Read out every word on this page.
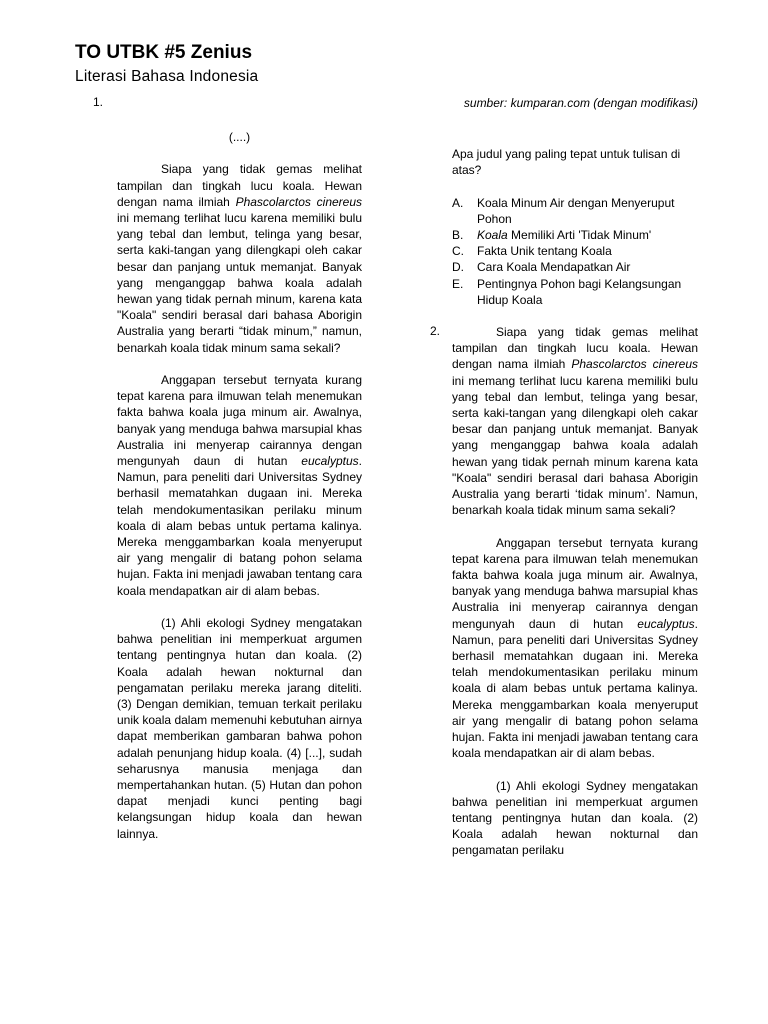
TO UTBK #5 Zenius
Literasi Bahasa Indonesia
1.
(....)

Siapa yang tidak gemas melihat tampilan dan tingkah lucu koala. Hewan dengan nama ilmiah Phascolarctos cinereus ini memang terlihat lucu karena memiliki bulu yang tebal dan lembut, telinga yang besar, serta kaki-tangan yang dilengkapi oleh cakar besar dan panjang untuk memanjat. Banyak yang menganggap bahwa koala adalah hewan yang tidak pernah minum, karena kata "Koala" sendiri berasal dari bahasa Aborigin Australia yang berarti “tidak minum,” namun, benarkah koala tidak minum sama sekali?

Anggapan tersebut ternyata kurang tepat karena para ilmuwan telah menemukan fakta bahwa koala juga minum air. Awalnya, banyak yang menduga bahwa marsupial khas Australia ini menyerap cairannya dengan mengunyah daun di hutan eucalyptus. Namun, para peneliti dari Universitas Sydney berhasil mematahkan dugaan ini. Mereka telah mendokumentasikan perilaku minum koala di alam bebas untuk pertama kalinya. Mereka menggambarkan koala menyeruput air yang mengalir di batang pohon selama hujan. Fakta ini menjadi jawaban tentang cara koala mendapatkan air di alam bebas.

(1) Ahli ekologi Sydney mengatakan bahwa penelitian ini memperkuat argumen tentang pentingnya hutan dan koala. (2) Koala adalah hewan nokturnal dan pengamatan perilaku mereka jarang diteliti. (3) Dengan demikian, temuan terkait perilaku unik koala dalam memenuhi kebutuhan airnya dapat memberikan gambaran bahwa pohon adalah penunjang hidup koala. (4) [...], sudah seharusnya manusia menjaga dan mempertahankan hutan. (5) Hutan dan pohon dapat menjadi kunci penting bagi kelangsungan hidup koala dan hewan lainnya.

sumber: kumparan.com (dengan modifikasi)
Apa judul yang paling tepat untuk tulisan di atas?
A.	Koala Minum Air dengan Menyeruput Pohon
B.	Koala Memiliki Arti 'Tidak Minum'
C.	Fakta Unik tentang Koala
D.	Cara Koala Mendapatkan Air
E.	Pentingnya Pohon bagi Kelangsungan Hidup Koala
2.	Siapa yang tidak gemas melihat tampilan dan tingkah lucu koala. Hewan dengan nama ilmiah Phascolarctos cinereus ini memang terlihat lucu karena memiliki bulu yang tebal dan lembut, telinga yang besar, serta kaki-tangan yang dilengkapi oleh cakar besar dan panjang untuk memanjat. Banyak yang menganggap bahwa koala adalah hewan yang tidak pernah minum karena kata "Koala" sendiri berasal dari bahasa Aborigin Australia yang berarti ‘tidak minum’. Namun, benarkah koala tidak minum sama sekali?

Anggapan tersebut ternyata kurang tepat karena para ilmuwan telah menemukan fakta bahwa koala juga minum air. Awalnya, banyak yang menduga bahwa marsupial khas Australia ini menyerap cairannya dengan mengunyah daun di hutan eucalyptus. Namun, para peneliti dari Universitas Sydney berhasil mematahkan dugaan ini. Mereka telah mendokumentasikan perilaku minum koala di alam bebas untuk pertama kalinya. Mereka menggambarkan koala menyeruput air yang mengalir di batang pohon selama hujan. Fakta ini menjadi jawaban tentang cara koala mendapatkan air di alam bebas.

(1) Ahli ekologi Sydney mengatakan bahwa penelitian ini memperkuat argumen tentang pentingnya hutan dan koala. (2) Koala adalah hewan nokturnal dan pengamatan perilaku
